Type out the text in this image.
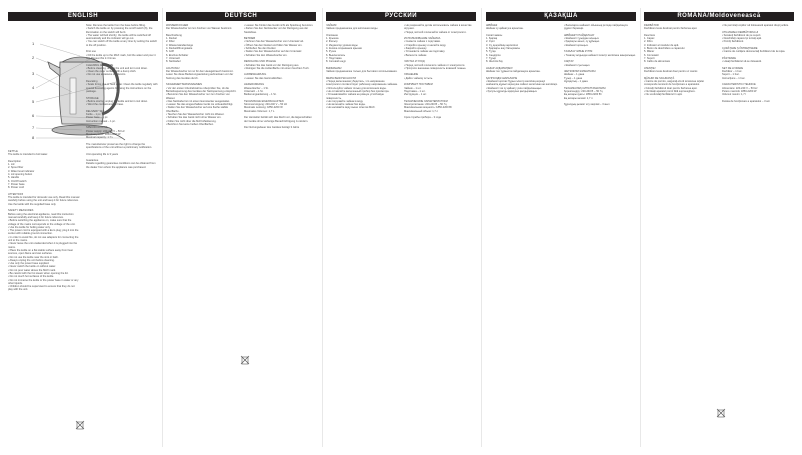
1
2
3
4
5
6
7
8
ENGLISH	DEUTSCH	РУССКИЙ	ҚАЗАҚША	ROMÂNĂ/Moldovenească

KETTLE
The kettle is intended to boil water.

Description
1. Lid
2. Spout filter
3. Water level indicator
4. Lid opening button
5. Handle
6. On/Off switch
7. Power base
8. Power cord

ATTENTION!
The kettle is intended for domestic use only. Read this manual carefully before using the unit and keep it for future reference.
Use the kettle with the supplied base only.

SAFETY MEASURES
Before using the electrical appliance, read this instruction manual carefully and keep it for future reference.
• Before switching the appliance on, make sure that the voltage of the mains corresponds to the voltage of the unit.
• Use the kettle for boiling water only.
• The power cord is equipped with a Euro plug; plug it into the socket with reliable ground connection.
• In order to avoid fire, do not use adapters for connecting the unit to the mains.
• Never leave the unit unattended when it is plugged into the mains.
• Place the kettle on a flat stable surface away from heat sources, open flame and wet surfaces.
• Do not use the kettle near the sink or bath.
• Always unplug the unit before cleaning.
• Use only the power base supplied.
• Never switch the kettle on without water.
• Do not pour water above the MAX mark.
• Be careful with the hot steam when opening the lid.
• Do not touch hot surfaces of the kettle.
• Do not immerse the kettle or the power base in water or any other liquids.
• Children should be supervised to ensure that they do not play with the unit.

Note: Remove the kettle from the base before filling.
• Switch the kettle on by pressing the on/off switch (6), the illumination on the switch will be lit.
• The water will boil shortly; the kettle will be switched off automatically and the indicator will go out.
• You can switch off the kettle at any time by setting the switch to the off position.

First use
• Fill the kettle up to the MAX mark, boil the water and pour it out. Repeat this 2-3 times.

CLEANING AND CARE
• Before cleaning, unplug the unit and let it cool down.
• Clean the outer surface with a damp cloth.
• Do not use abrasives or solvents.

Descaling
• Scale forms due to hard water. Clean the kettle regularly with special descaling agents following the instructions on the package.

STORAGE
• Before storing, unplug the kettle and let it cool down.
• Wind the cord around the base.

DELIVERY SET
Kettle – 1 pc.
Power base – 1 pc.
Instruction manual – 1 pc.

SPECIFICATIONS
Power supply: 220-240 V ~ 50 Hz
Maximal power: 1850-2200 W
Maximal capacity: 1.7 L

The manufacturer preserves the right to change the specifications of the unit without a preliminary notification.

Unit operating life is 3 years

Guarantee
Details regarding guarantee conditions can be obtained from the dealer from whom the appliance was purchased.

WASSERKOCHER
Der Wasserkocher ist zum Kochen von Wasser bestimmt.

Beschreibung
1. Deckel
2. Filter
3. Wasserstandanzeige
4. Deckelöffnungstaste
5. Griff
6. Ein/Aus-Schalter
7. Untersatz
8. Netzkabel

ACHTUNG!
Der Wasserkocher ist nur für den Hausgebrauch bestimmt. Lesen Sie diese Bedienungsanleitung aufmerksam vor der Nutzung des Gerätes durch.

SICHERHEITSMASSNAHMEN
• Vor der ersten Inbetriebnahme überprüfen Sie, ob die Betriebsspannung des Gerätes der Netzspannung entspricht.
• Benutzen Sie den Wasserkocher nur zum Kochen von Wasser.
• Das Netzkabel ist mit einem Eurostecker ausgestattet.
• Lassen Sie das eingeschaltete Gerät nie unbeaufsichtigt.
• Stellen Sie den Wasserkocher auf eine flache stabile Oberfläche.
• Tauchen Sie den Wasserkocher nicht ins Wasser.
• Schalten Sie das Gerät nicht ohne Wasser ein.
• Füllen Sie nicht über die MAX-Markierung.
• Berühren Sie keine heißen Oberflächen.

• Lassen Sie Kinder das Gerät nicht als Spielzeug benutzen.
• Ziehen Sie den Netzstecker vor der Reinigung aus der Steckdose.

BETRIEB
• Nehmen Sie den Wasserkocher vom Untersatz ab.
• Öffnen Sie den Deckel und füllen Sie Wasser ein.
• Schließen Sie den Deckel.
• Stellen Sie den Wasserkocher auf den Untersatz.
• Schalten Sie den Wasserkocher ein.

REINIGUNG UND PFLEGE
• Schalten Sie das Gerät vor der Reinigung aus.
• Reinigen Sie die Außenfläche mit einem feuchten Tuch.

AUFBEWAHRUNG
• Lassen Sie das Gerät abkühlen.

LIEFERUMFANG
Wasserkocher – 1 St.
Untersatz – 1 St.
Bedienungsanleitung – 1 St.

TECHNISCHE EIGENSCHAFTEN
Stromversorgung: 220-240 V ~ 50 Hz
Maximale Leistung: 1850-2200 W
Maximales Volumen: 1,7 L

Der Hersteller behält sich das Recht vor, die Eigenschaften der Geräte ohne vorherige Benachrichtigung zu ändern.

Die Nutzungsdauer des Gerätes beträgt 3 Jahre

ЧАЙНИК
Чайник предназначен для кипячения воды.

Описание
1. Крышка
2. Фильтр
3. Индикатор уровня воды
4. Кнопка открывания крышки
5. Ручка
6. Выключатель
7. Подставка
8. Сетевой шнур

ВНИМАНИЕ!
Чайник предназначен только для бытового использования.

МЕРЫ БЕЗОПАСНОСТИ
• Перед включением убедитесь, что напряжение электросети соответствует рабочему напряжению чайника.
• Используйте чайник только для кипячения воды.
• Не оставляйте включенный прибор без присмотра.
• Устанавливайте чайник на ровную устойчивую поверхность.
• Не погружайте чайник в воду.
• Не включайте чайник без воды.
• Не наливайте воду выше отметки MAX.

• Не разрешайте детям использовать чайник в качестве игрушки.
• Перед чисткой отключайте чайник от электросети.

ИСПОЛЬЗОВАНИЕ ЧАЙНИКА
• Снимите чайник с подставки.
• Откройте крышку и налейте воду.
• Закройте крышку.
• Установите чайник на подставку.
• Включите чайник.

ЧИСТКА И УХОД
• Перед чисткой отключите чайник от электросети.
• Протрите внешнюю поверхность влажной тканью.

ХРАНЕНИЕ
• Дайте чайнику остыть.

КОМПЛЕКТ ПОСТАВКИ
Чайник – 1 шт.
Подставка – 1 шт.
Инструкция – 1 шт.

ТЕХНИЧЕСКИЕ ХАРАКТЕРИСТИКИ
Электропитание: 220-240 В ~ 50 Гц
Максимальная мощность: 1850-2200 Вт
Максимальный объем: 1,7 л

Срок службы прибора – 3 года

ШӘЙНЕК
Шәйнек су қайнатуға арналған.

Сипаттамасы
1. Қақпақ
2. Сүзгі
3. Су деңгейінің көрсеткіші
4. Қақпақты ашу батырмасы
5. Тұтқа
6. Сөндіргіш
7. Тұғыр
8. Желілік бау

НАЗАР АУДАРЫҢЫЗ!
Шәйнек тек тұрмыста пайдалануға арналған.

ҚАУІПСІЗДІК ШАРАЛАРЫ
• Шәйнекті қоспас бұрын электр желісінің кернеуі шәйнектің жұмыс кернеуіне сәйкес келетініне көз жеткізіңіз.
• Шәйнекті тек су қайнату үшін пайдаланыңыз.
• Қосулы құралды қараусыз қалдырмаңыз.

• Балаларға шәйнекті ойыншық ретінде пайдалануға рұқсат бермеңіз.

ШӘЙНЕКТІ ПАЙДАЛАНУ
• Шәйнекті тұғырдан алыңыз.
• Қақпақты ашып, су құйыңыз.
• Шәйнекті қосыңыз.

ТАЗАЛАУ ЖӘНЕ КҮТІМ
• Тазалау алдында шәйнекті электр желісінен ажыратыңыз.

САҚТАУ
• Шәйнекті суытыңыз.

ЖЕТКІЗІЛІМ ЖИЫНТЫҒЫ
Шәйнек – 1 дана
Тұғыр – 1 дана
Нұсқаулық – 1 дана

ТЕХНИКАЛЫҚ СИПАТТАМАЛАРЫ
Қоректендіру: 220-240 В ~ 50 Гц
Ең жоғары қуаты: 1850-2200 Вт
Ең жоғары көлемі: 1,7 л

Құралдың қызмет ету мерзімі – 3 жыл

FIERBĂTOR
Fierbătorul este destinat pentru fierberea apei.

Descriere
1. Capac
2. Filtru
3. Indicator al nivelului de apă
4. Buton de deschidere a capacului
5. Mâner
6. Comutator
7. Suport
8. Cablu de alimentare

ATENŢIE!
Fierbătorul este destinat doar pentru uz casnic.

MĂSURI DE SIGURANŢĂ
• Înainte de pornire, asiguraţi-vă că tensiunea reţelei corespunde tensiunii de funcţionare a aparatului.
• Folosiţi fierbătorul doar pentru fierberea apei.
• Nu lăsaţi aparatul pornit fără supraveghere.
• Nu scufundaţi fierbătorul în apă.

• Nu permiteţi copiilor să folosească aparatul drept jucărie.

UTILIZAREA FIERBĂTORULUI
• Scoateţi fierbătorul de pe suport.
• Deschideţi capacul şi turnaţi apă.
• Porniţi fierbătorul.

CURĂŢARE ŞI ÎNTREŢINERE
• Înainte de curăţare deconectaţi fierbătorul de la reţea.

PĂSTRARE
• Lăsaţi fierbătorul să se răcească.

SET DE LIVRARE
Fierbător – 1 buc.
Suport – 1 buc.
Instrucţiune – 1 buc.

CARACTERISTICI TEHNICE
Alimentare: 220-240 V ~ 50 Hz
Putere maximă: 1850-2200 W
Volumul maxim: 1,7 l

Durata de funcţionare a aparatului – 3 ani
